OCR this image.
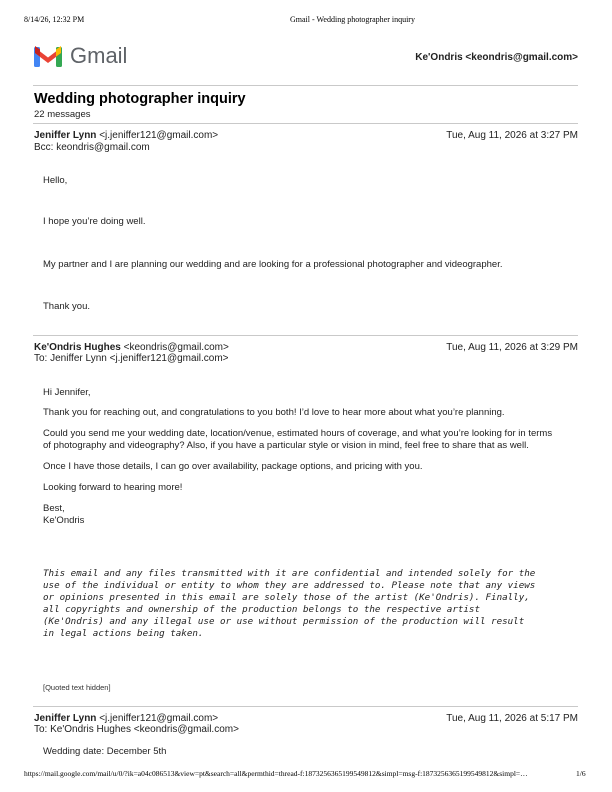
8/14/26, 12:32 PM	Gmail - Wedding photographer inquiry
Gmail	Ke'Ondris <keondris@gmail.com>
Wedding photographer inquiry
22 messages
Jeniffer Lynn <j.jeniffer121@gmail.com>	Tue, Aug 11, 2026 at 3:27 PM
Bcc: keondris@gmail.com
Hello,
I hope you’re doing well.
My partner and I are planning our wedding and are looking for a professional photographer and videographer.
Thank you.
Ke'Ondris Hughes <keondris@gmail.com>	Tue, Aug 11, 2026 at 3:29 PM
To: Jeniffer Lynn <j.jeniffer121@gmail.com>
Hi Jennifer,
Thank you for reaching out, and congratulations to you both! I’d love to hear more about what you’re planning.
Could you send me your wedding date, location/venue, estimated hours of coverage, and what you’re looking for in terms
of photography and videography? Also, if you have a particular style or vision in mind, feel free to share that as well.
Once I have those details, I can go over availability, package options, and pricing with you.
Looking forward to hearing more!
Best,
Ke'Ondris
This email and any files transmitted with it are confidential and intended solely for the
use of the individual or entity to whom they are addressed to. Please note that any views
or opinions presented in this email are solely those of the artist (Ke'Ondris). Finally,
all copyrights and ownership of the production belongs to the respective artist
(Ke'Ondris) and any illegal use or use without permission of the production will result
in legal actions being taken.
[Quoted text hidden]
Jeniffer Lynn <j.jeniffer121@gmail.com>	Tue, Aug 11, 2026 at 5:17 PM
To: Ke'Ondris Hughes <keondris@gmail.com>
Wedding date: December 5th
https://mail.google.com/mail/u/0/?ik=a04c086513&view=pt&search=all&permthid=thread-f:1873256365199549812&simpl=msg-f:1873256365199549812&simpl=…	1/6
